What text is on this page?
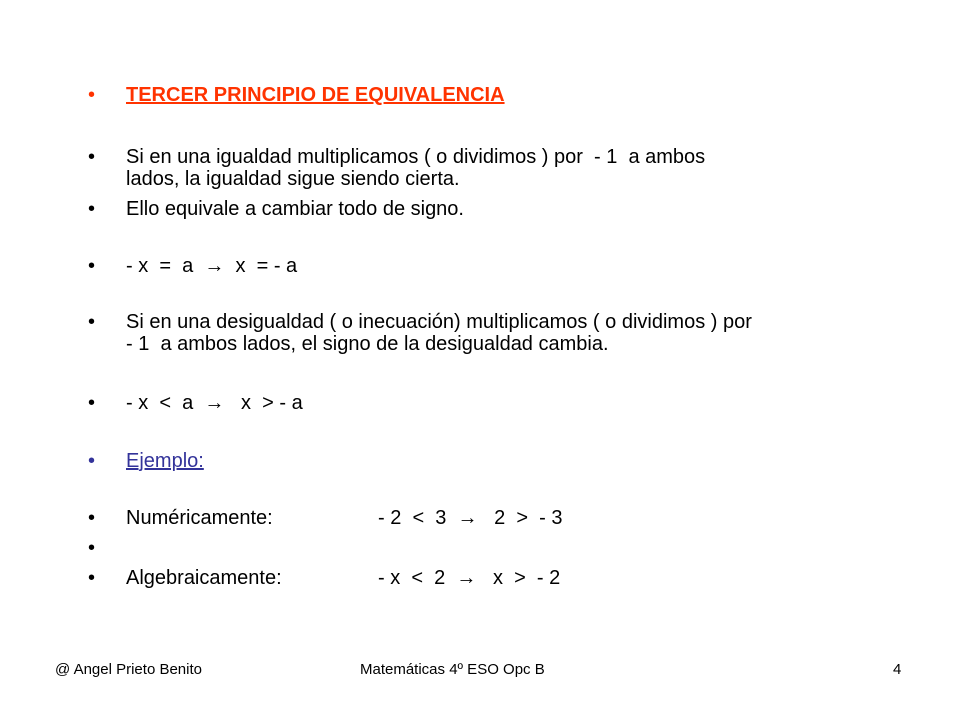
•	TERCER PRINCIPIO DE EQUIVALENCIA
•	Si en una igualdad multiplicamos ( o dividimos ) por  - 1  a ambos
lados, la igualdad sigue siendo cierta.
•	Ello equivale a cambiar todo de signo.
•	- x  =  a  →  x  = - a
•	Si en una desigualdad ( o inecuación) multiplicamos ( o dividimos ) por
- 1  a ambos lados, el signo de la desigualdad cambia.
•	- x  <  a  →   x  > - a
•	Ejemplo:
•	Numéricamente:	- 2  <  3  →   2  >  - 3
•
•	Algebraicamente:	- x  <  2  →   x  >  - 2
@ Angel Prieto Benito	Matemáticas 4º ESO Opc B	4
